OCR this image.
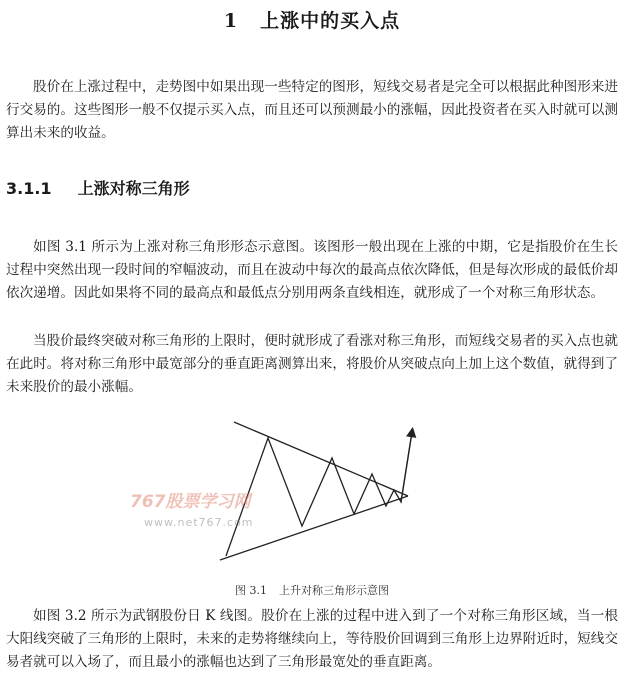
1 上涨中的买入点

股价在上涨过程中，走势图中如果出现一些特定的图形，短线交易者是完全可以根据此种图形来进行交易的。这些图形一般不仅提示买入点，而且还可以预测最小的涨幅，因此投资者在买入时就可以测算出未来的收益。

3.1.1 上涨对称三角形

如图 3.1 所示为上涨对称三角形形态示意图。该图形一般出现在上涨的中期，它是指股价在生长过程中突然出现一段时间的窄幅波动，而且在波动中每次的最高点依次降低，但是每次形成的最低价却依次递增。因此如果将不同的最高点和最低点分别用两条直线相连，就形成了一个对称三角形状态。

当股价最终突破对称三角形的上限时，便时就形成了看涨对称三角形，而短线交易者的买入点也就在此时。将对称三角形中最宽部分的垂直距离测算出来，将股价从突破点向上加上这个数值，就得到了未来股价的最小涨幅。

767股票学习网
www.net767.com
图 3.1 上升对称三角形示意图

如图 3.2 所示为武钢股份日 K 线图。股价在上涨的过程中进入到了一个对称三角形区域，当一根大阳线突破了三角形的上限时，未来的走势将继续向上，等待股价回调到三角形上边界附近时，短线交易者就可以入场了，而且最小的涨幅也达到了三角形最宽处的垂直距离。
